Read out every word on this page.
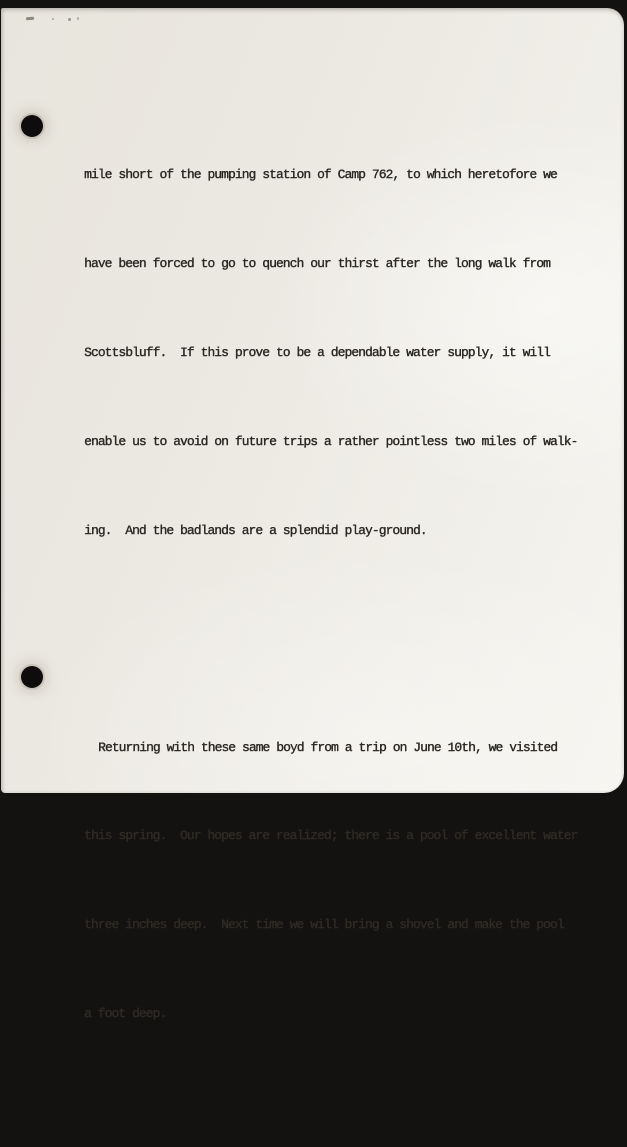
mile short of the pumping station of Camp 762, to which heretofore we

have been forced to go to quench our thirst after the long walk from

Scottsbluff.  If this prove to be a dependable water supply, it will

enable us to avoid on future trips a rather pointless two miles of walk-

ing.  And the badlands are a splendid play-ground.

Returning with these same boyd from a trip on June 10th, we visited

this spring.  Our hopes are realized; there is a pool of excellent water

three inches deep.  Next time we will bring a shovel and make the pool

a foot deep.
